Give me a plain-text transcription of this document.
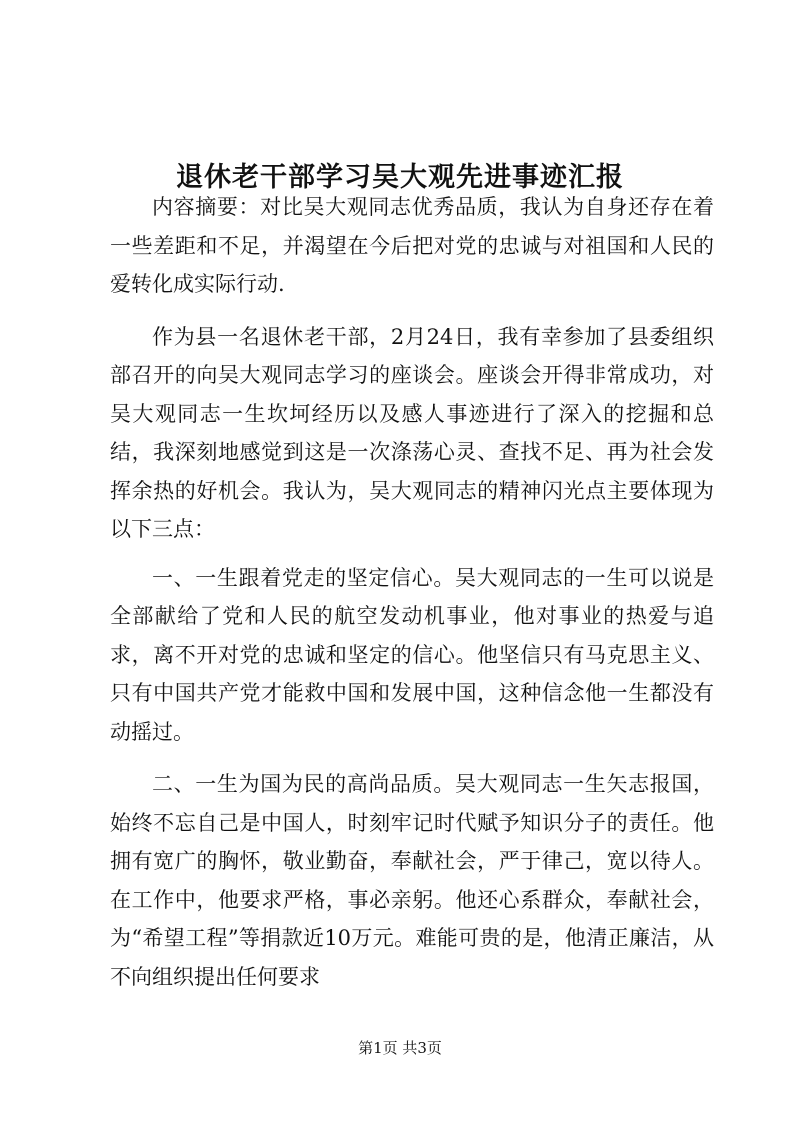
退休老干部学习吴大观先进事迹汇报

内容摘要：对比吴大观同志优秀品质，我认为自身还存在着一些差距和不足，并渴望在今后把对党的忠诚与对祖国和人民的爱转化成实际行动.

作为县一名退休老干部，2月24日，我有幸参加了县委组织部召开的向吴大观同志学习的座谈会。座谈会开得非常成功，对吴大观同志一生坎坷经历以及感人事迹进行了深入的挖掘和总结，我深刻地感觉到这是一次涤荡心灵、查找不足、再为社会发挥余热的好机会。我认为，吴大观同志的精神闪光点主要体现为以下三点：

一、一生跟着党走的坚定信心。吴大观同志的一生可以说是全部献给了党和人民的航空发动机事业，他对事业的热爱与追求，离不开对党的忠诚和坚定的信心。他坚信只有马克思主义、只有中国共产党才能救中国和发展中国，这种信念他一生都没有动摇过。

二、一生为国为民的高尚品质。吴大观同志一生矢志报国，始终不忘自己是中国人，时刻牢记时代赋予知识分子的责任。他拥有宽广的胸怀，敬业勤奋，奉献社会，严于律己，宽以待人。在工作中，他要求严格，事必亲躬。他还心系群众，奉献社会，为“希望工程”等捐款近10万元。难能可贵的是，他清正廉洁，从不向组织提出任何要求

第1页 共3页
